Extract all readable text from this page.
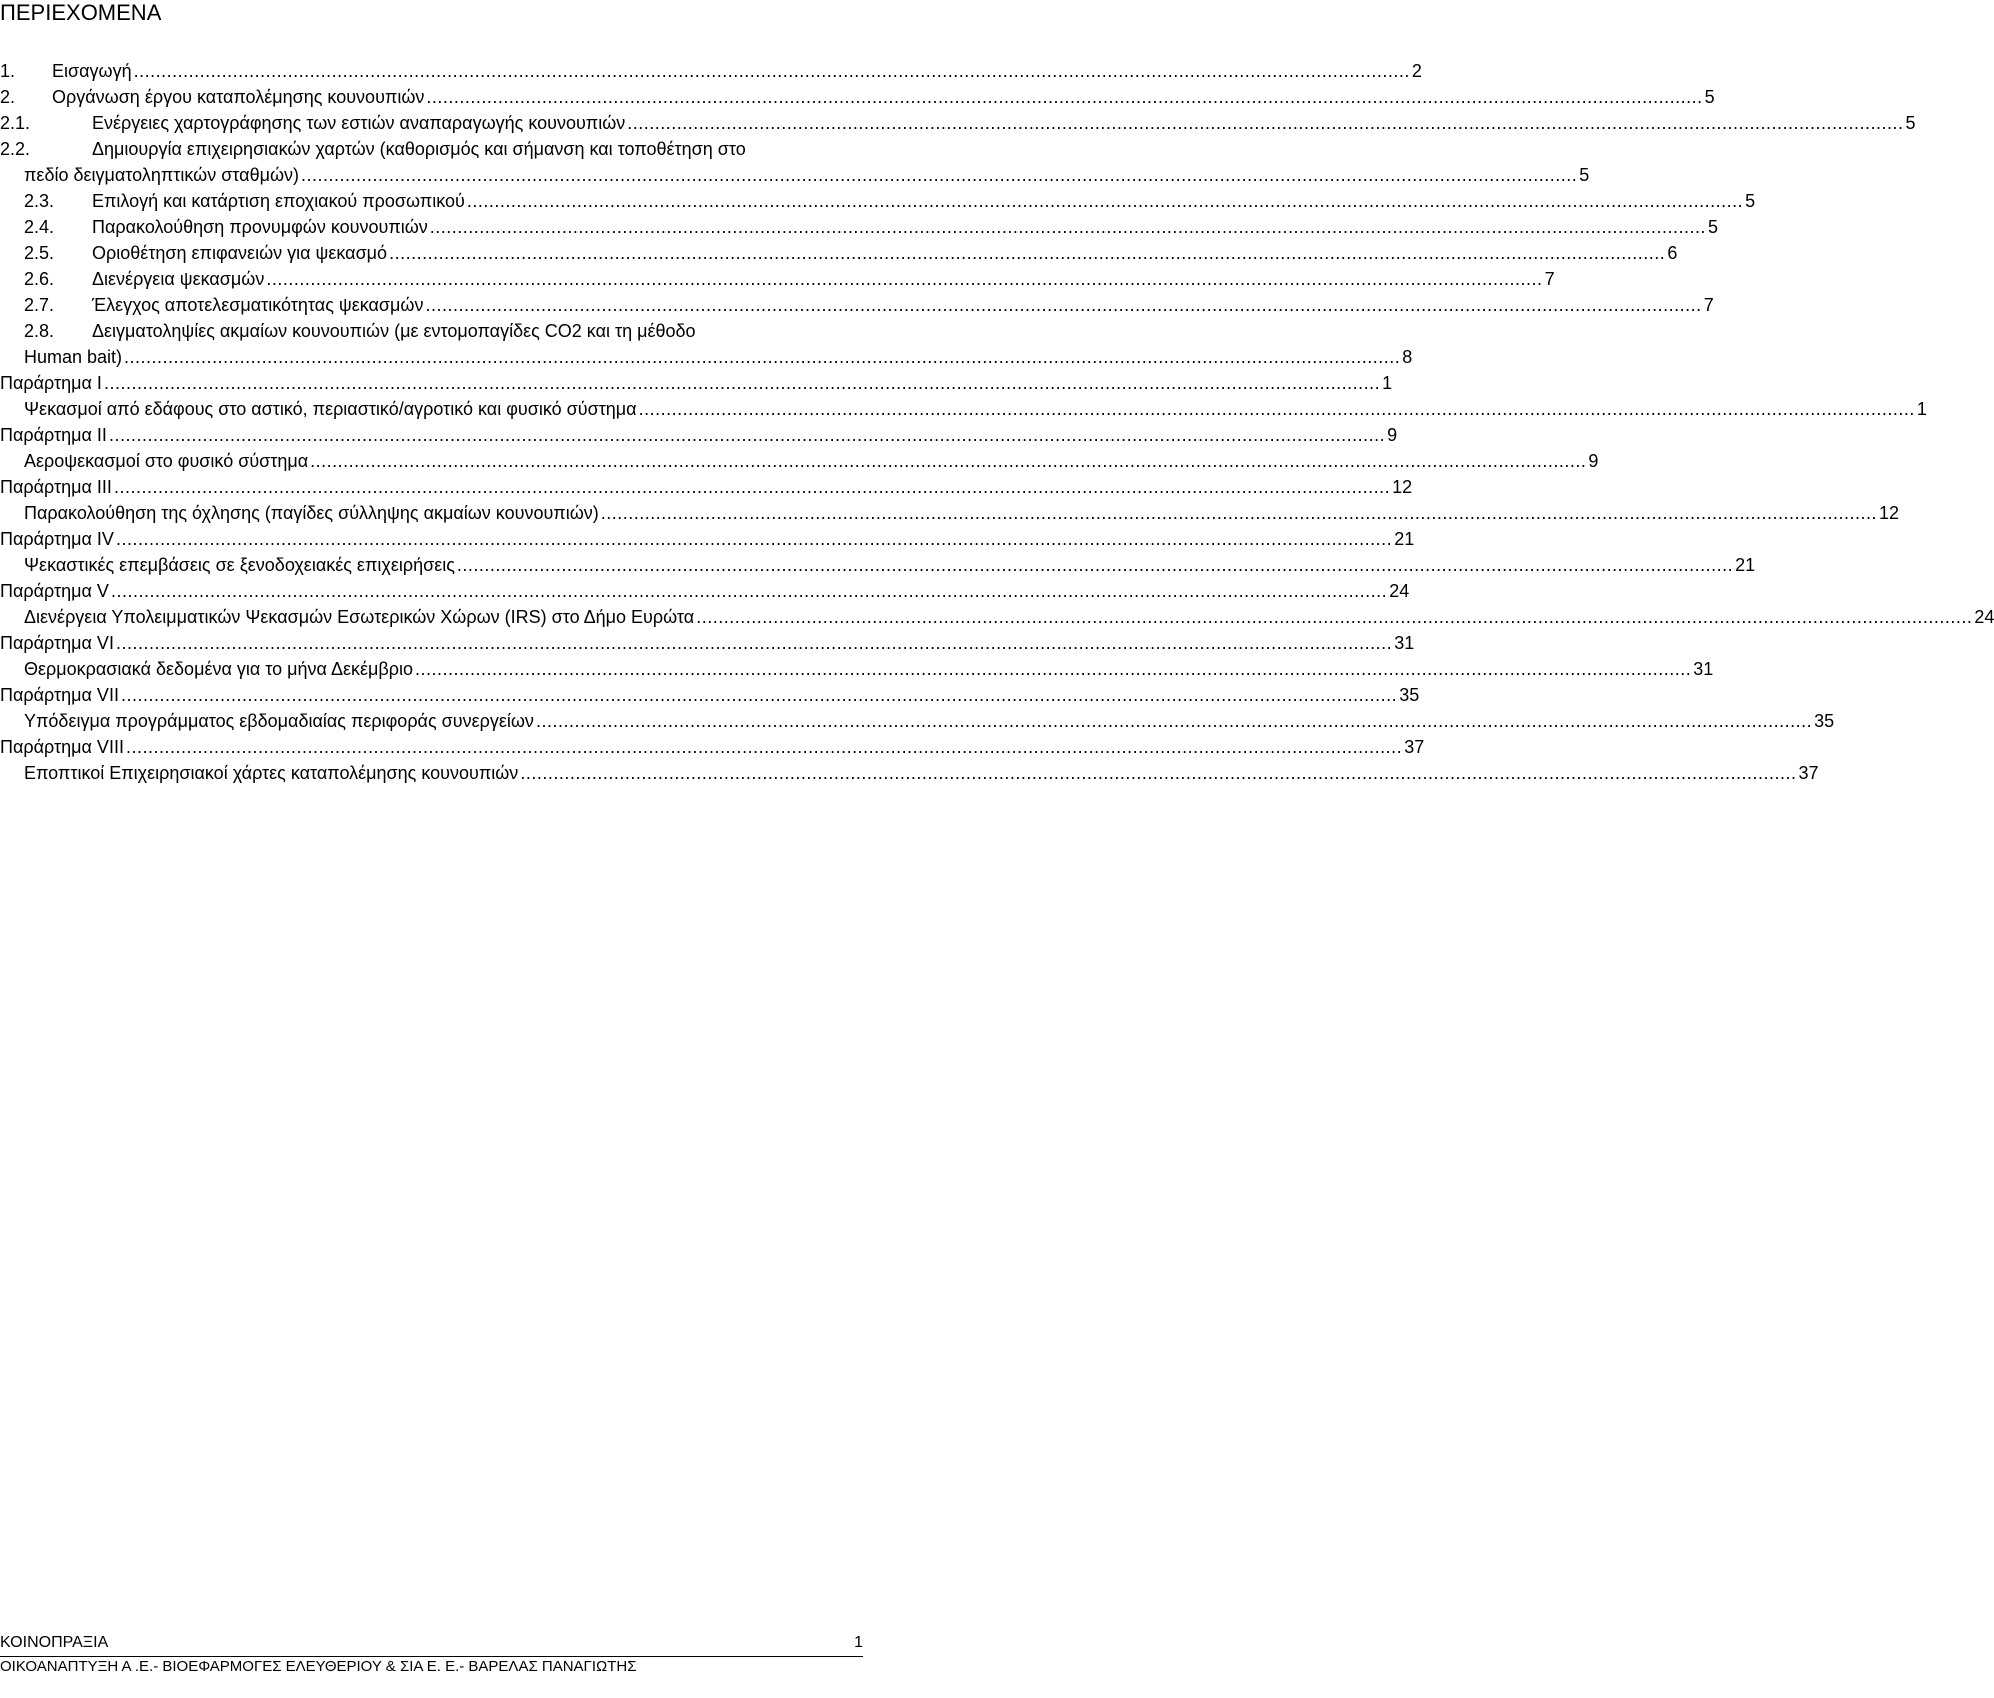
ΠΕΡΙΕΧΟΜΕΝΑ
1.	Εισαγωγή .....	2
2.	Οργάνωση έργου καταπολέμησης κουνουπιών .....	5
2.1.	Ενέργειες χαρτογράφησης των εστιών αναπαραγωγής κουνουπιών .....	5
2.2.	Δημιουργία επιχειρησιακών χαρτών (καθορισμός και σήμανση και τοποθέτηση στο
πεδίο δειγματοληπτικών σταθμών) .....	5
2.3.	Επιλογή και κατάρτιση εποχιακού προσωπικού .....	5
2.4.	Παρακολούθηση προνυμφών κουνουπιών .....	5
2.5.	Οριοθέτηση επιφανειών για ψεκασμό .....	6
2.6.	Διενέργεια ψεκασμών .....	7
2.7.	Έλεγχος αποτελεσματικότητας ψεκασμών .....	7
2.8.	Δειγματοληψίες ακμαίων κουνουπιών (με εντομοπαγίδες CO2 και τη μέθοδο
Human bait) .....	8
Παράρτημα Ι .....	1
Ψεκασμοί από εδάφους στο αστικό, περιαστικό/αγροτικό και φυσικό σύστημα .....	1
Παράρτημα ΙΙ .....	9
Αεροψεκασμοί στο φυσικό σύστημα .....	9
Παράρτημα ΙΙΙ .....	12
Παρακολούθηση της όχλησης (παγίδες σύλληψης ακμαίων κουνουπιών) .....	12
Παράρτημα ΙV .....	21
Ψεκαστικές επεμβάσεις σε ξενοδοχειακές επιχειρήσεις .....	21
Παράρτημα V .....	24
Διενέργεια Υπολειμματικών Ψεκασμών Εσωτερικών Χώρων (IRS) στο Δήμο Ευρώτα .....	24
Παράρτημα VI .....	31
Θερμοκρασιακά δεδομένα για το μήνα Δεκέμβριο .....	31
Παράρτημα VII .....	35
Υπόδειγμα προγράμματος εβδομαδιαίας περιφοράς συνεργείων .....	35
Παράρτημα VIII .....	37
Εποπτικοί Επιχειρησιακοί χάρτες καταπολέμησης κουνουπιών .....	37
ΚΟΙΝΟΠΡΑΞΙΑ	1
ΟΙΚΟΑΝΑΠΤΥΞΗ Α .Ε.- ΒΙΟΕΦΑΡΜΟΓΕΣ ΕΛΕΥΘΕΡΙΟΥ & ΣΙΑ Ε. Ε.- ΒΑΡΕΛΑΣ ΠΑΝΑΓΙΩΤΗΣ
